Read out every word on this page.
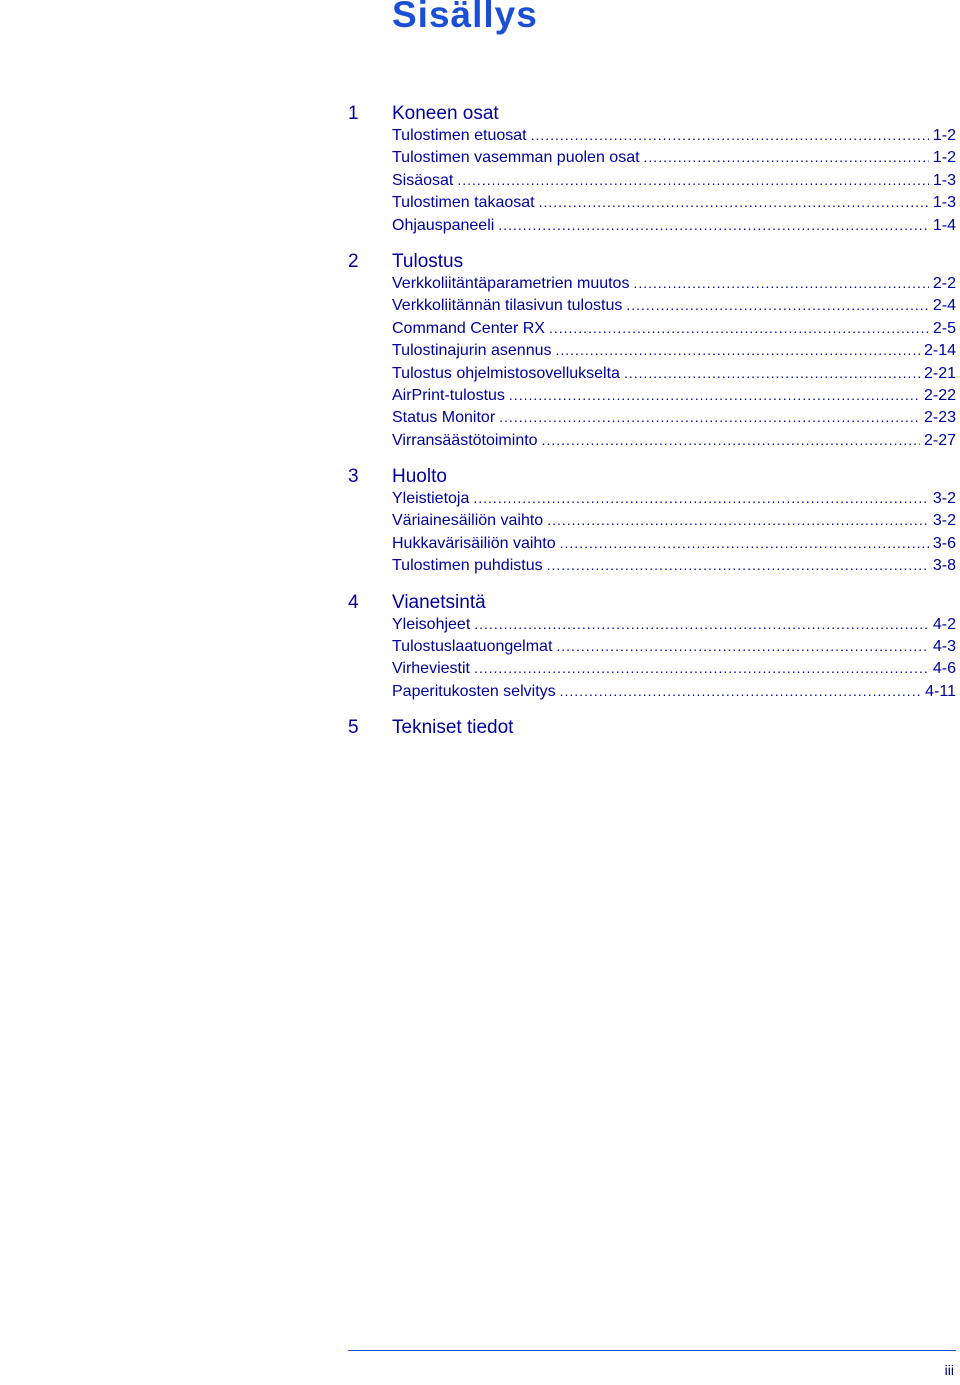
Sisällys
1	Koneen osat
Tulostimen etuosat .....	1-2
Tulostimen vasemman puolen osat .....	1-2
Sisäosat .....	1-3
Tulostimen takaosat .....	1-3
Ohjauspaneeli .....	1-4
2	Tulostus
Verkkoliitäntäparametrien muutos .....	2-2
Verkkoliitännän tilasivun tulostus .....	2-4
Command Center RX .....	2-5
Tulostinajurin asennus .....	2-14
Tulostus ohjelmistosovellukselta .....	2-21
AirPrint-tulostus .....	2-22
Status Monitor .....	2-23
Virransäästötoiminto .....	2-27
3	Huolto
Yleistietoja .....	3-2
Väriainesäiliön vaihto .....	3-2
Hukkavärisäiliön vaihto .....	3-6
Tulostimen puhdistus .....	3-8
4	Vianetsintä
Yleisohjeet .....	4-2
Tulostuslaatuongelmat .....	4-3
Virheviestit .....	4-6
Paperitukosten selvitys .....	4-11
5	Tekniset tiedot
iii
